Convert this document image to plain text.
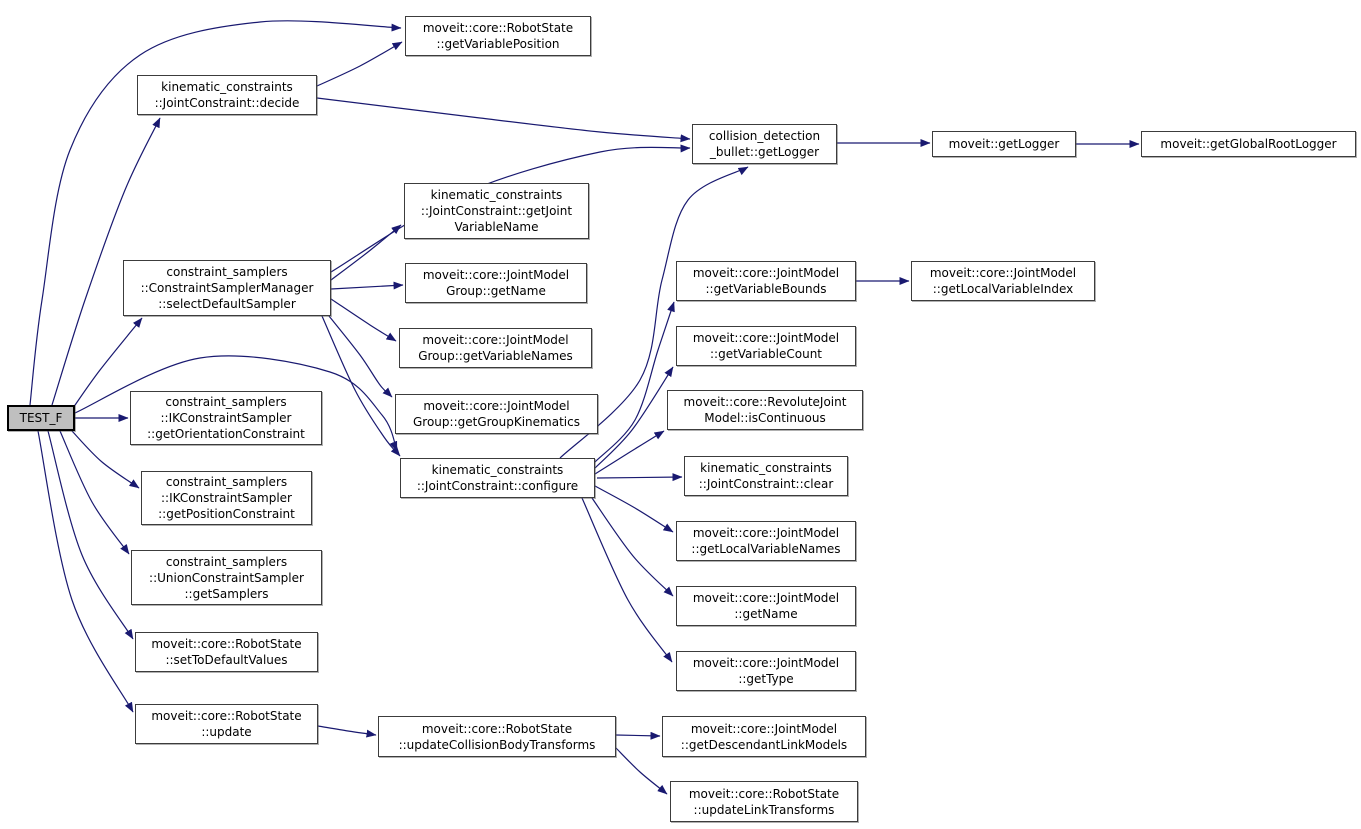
TEST_F
moveit::core::RobotState
::getVariablePosition
kinematic_constraints
::JointConstraint::decide
collision_detection
_bullet::getLogger
moveit::getLogger	moveit::getGlobalRootLogger
kinematic_constraints
::JointConstraint::getJoint
VariableName
constraint_samplers
::ConstraintSamplerManager
::selectDefaultSampler
moveit::core::JointModel
Group::getName
moveit::core::JointModel
Group::getVariableNames
moveit::core::JointModel
::getVariableBounds
moveit::core::JointModel
::getLocalVariableIndex
moveit::core::JointModel
::getVariableCount
moveit::core::RevoluteJoint
Model::isContinuous
moveit::core::JointModel
Group::getGroupKinematics
kinematic_constraints
::JointConstraint::configure
constraint_samplers
::IKConstraintSampler
::getOrientationConstraint
constraint_samplers
::IKConstraintSampler
::getPositionConstraint
constraint_samplers
::UnionConstraintSampler
::getSamplers
kinematic_constraints
::JointConstraint::clear
moveit::core::JointModel
::getLocalVariableNames
moveit::core::JointModel
::getName
moveit::core::JointModel
::getType
moveit::core::RobotState
::setToDefaultValues
moveit::core::RobotState
::update	moveit::core::RobotState
::updateCollisionBodyTransforms
moveit::core::JointModel
::getDescendantLinkModels
moveit::core::RobotState
::updateLinkTransforms
